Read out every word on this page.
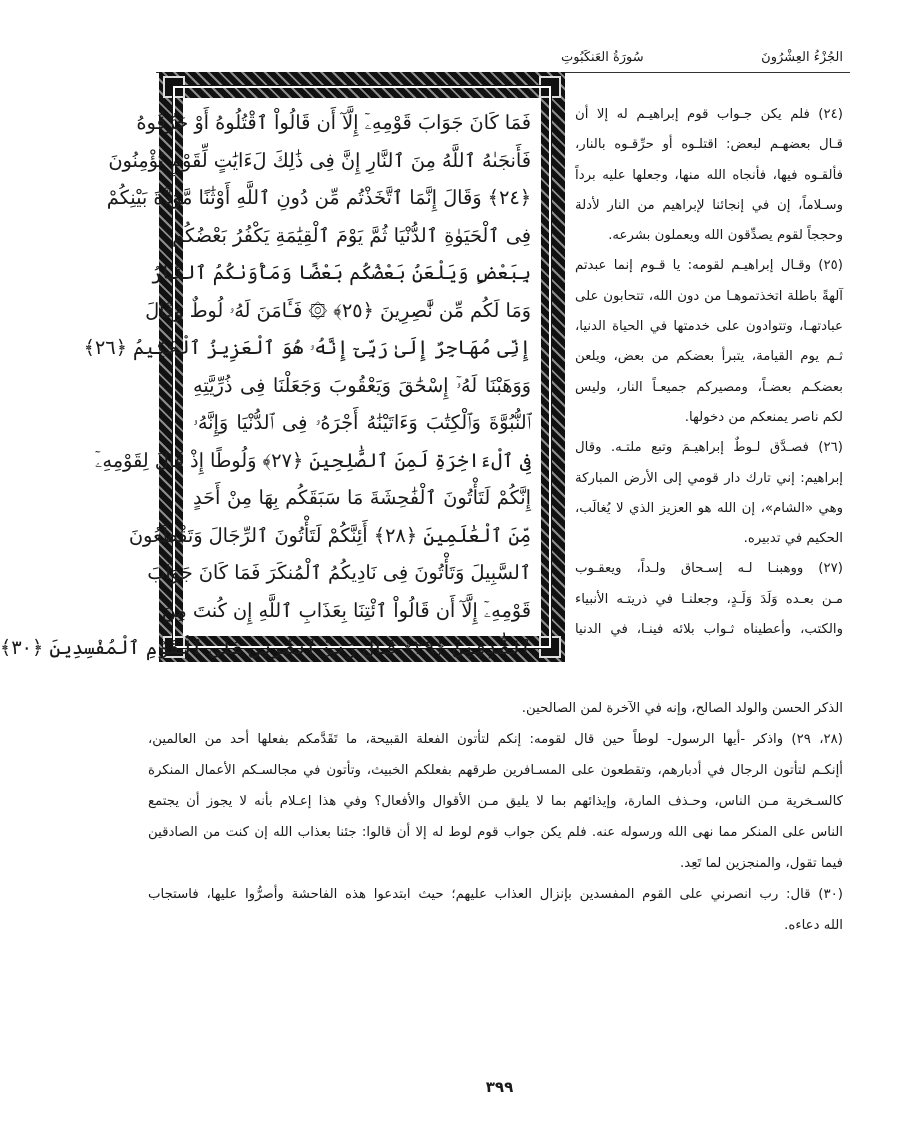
الجُزْءُ العِشْرُونَ
سُورَةُ العَنكَبُوتِ
فَمَا كَانَ جَوَابَ قَوْمِهِۦٓ إِلَّآ أَن قَالُواْ ٱقْتُلُوهُ أَوْ حَرِّقُوهُ
فَأَنجَىٰهُ ٱللَّهُ مِنَ ٱلنَّارِ إِنَّ فِى ذَٰلِكَ لَءَايَٰتٍ لِّقَوْمٍ يُؤْمِنُونَ
﴿٢٤﴾ وَقَالَ إِنَّمَا ٱتَّخَذْتُم مِّن دُونِ ٱللَّهِ أَوْثَٰنًا مَّوَدَّةَ بَيْنِكُمْ
فِى ٱلْحَيَوٰةِ ٱلدُّنْيَا ثُمَّ يَوْمَ ٱلْقِيَٰمَةِ يَكْفُرُ بَعْضُكُم
بِبَعْضٍ وَيَلْعَنُ بَعْضُكُم بَعْضًا وَمَأْوَىٰكُمُ ٱلنَّارُ
وَمَا لَكُم مِّن نَّٰصِرِينَ ﴿٢٥﴾ ۞ فَـَٔامَنَ لَهُۥ لُوطٌ وَقَالَ
إِنِّى مُهَاجِرٌ إِلَىٰ رَبِّىٓ إِنَّهُۥ هُوَ ٱلْعَزِيزُ ٱلْحَكِيمُ ﴿٢٦﴾
وَوَهَبْنَا لَهُۥٓ إِسْحَٰقَ وَيَعْقُوبَ وَجَعَلْنَا فِى ذُرِّيَّتِهِ
ٱلنُّبُوَّةَ وَٱلْكِتَٰبَ وَءَاتَيْنَٰهُ أَجْرَهُۥ فِى ٱلدُّنْيَا وَإِنَّهُۥ
فِى ٱلْءَاخِرَةِ لَمِنَ ٱلصَّٰلِحِينَ ﴿٢٧﴾ وَلُوطًا إِذْ قَالَ لِقَوْمِهِۦٓ
إِنَّكُمْ لَتَأْتُونَ ٱلْفَٰحِشَةَ مَا سَبَقَكُم بِهَا مِنْ أَحَدٍ
مِّنَ ٱلْعَٰلَمِينَ ﴿٢٨﴾ أَئِنَّكُمْ لَتَأْتُونَ ٱلرِّجَالَ وَتَقْطَعُونَ
ٱلسَّبِيلَ وَتَأْتُونَ فِى نَادِيكُمُ ٱلْمُنكَرَ فَمَا كَانَ جَوَابَ
قَوْمِهِۦٓ إِلَّآ أَن قَالُواْ ٱئْتِنَا بِعَذَابِ ٱللَّهِ إِن كُنتَ مِنَ
ٱلصَّٰدِقِينَ ﴿٢٩﴾ قَالَ رَبِّ ٱنصُرْنِى عَلَى ٱلْقَوْمِ ٱلْمُفْسِدِينَ ﴿٣٠﴾
(٢٤) فلم يكن جـواب قوم إبراهيـم له إلا أن
قـال بعضهـم لبعض: اقتلـوه أو حرِّقـوه بالنار،
فألقـوه فيها، فأنجاه الله منها، وجعلها عليه برداً
وسـلاماً، إن في إنجائنا لإبراهيم من النار لأدلة
وحججاً لقوم يصدِّقون الله ويعملون بشرعه.
(٢٥) وقـال إبراهيـم لقومه: يا قـوم إنما عبدتم
آلهةً باطلة اتخذتموهـا من دون الله، تتحابون على
عبادتهـا، وتتوادون على خدمتها في الحياة الدنيا،
ثـم يوم القيامة، يتبرأ بعضكم من بعض، ويلعن
بعضكـم بعضـاً، ومصيركم جميعـاً النار، وليس
لكم ناصر يمنعكم من دخولها.
(٢٦) فصـدَّق لـوطٌ إبراهيـمَ وتبع ملتـه. وقال
إبراهيم: إني تارك دار قومي إلى الأرض المباركة
وهي «الشام»، إن الله هو العزيز الذي لا يُغالَب،
الحكيم في تدبيره.
(٢٧) ووهبنـا لـه إسـحاق ولـداً، ويعقـوب
مـن بعـده وَلَدَ وَلَـدٍ، وجعلنـا في ذريتـه الأنبياء
والكتب، وأعطيناه ثـواب بلائه فينـا، في الدنيا
الذكر الحسن والولد الصالح، وإنه في الآخرة لمن الصالحين.
(٢٨، ٢٩) واذكر -أيها الرسول- لوطاً حين قال لقومه: إنكم لتأتون الفعلة القبيحة، ما تَقَدَّمكم بفعلها أحد من العالمين،
أإنكـم لتأتون الرجال في أدبارهم، وتقطعون على المسـافرين طرقهم بفعلكم الخبيث، وتأتون في مجالسـكم الأعمال المنكرة
كالسـخرية مـن الناس، وحـذف المارة، وإيذائهم بما لا يليق مـن الأقوال والأفعال؟ وفي هذا إعـلام بأنه لا يجوز أن يجتمع
الناس على المنكر مما نهى الله ورسوله عنه. فلم يكن جواب قوم لوط له إلا أن قالوا: جئنا بعذاب الله إن كنت من الصادقين
فيما تقول، والمنجزين لما تَعِد.
(٣٠) قال: رب انصرني على القوم المفسدين بإنزال العذاب عليهم؛ حيث ابتدعوا هذه الفاحشة وأصرُّوا عليها، فاستجاب
الله دعاءه.
٣٩٩
